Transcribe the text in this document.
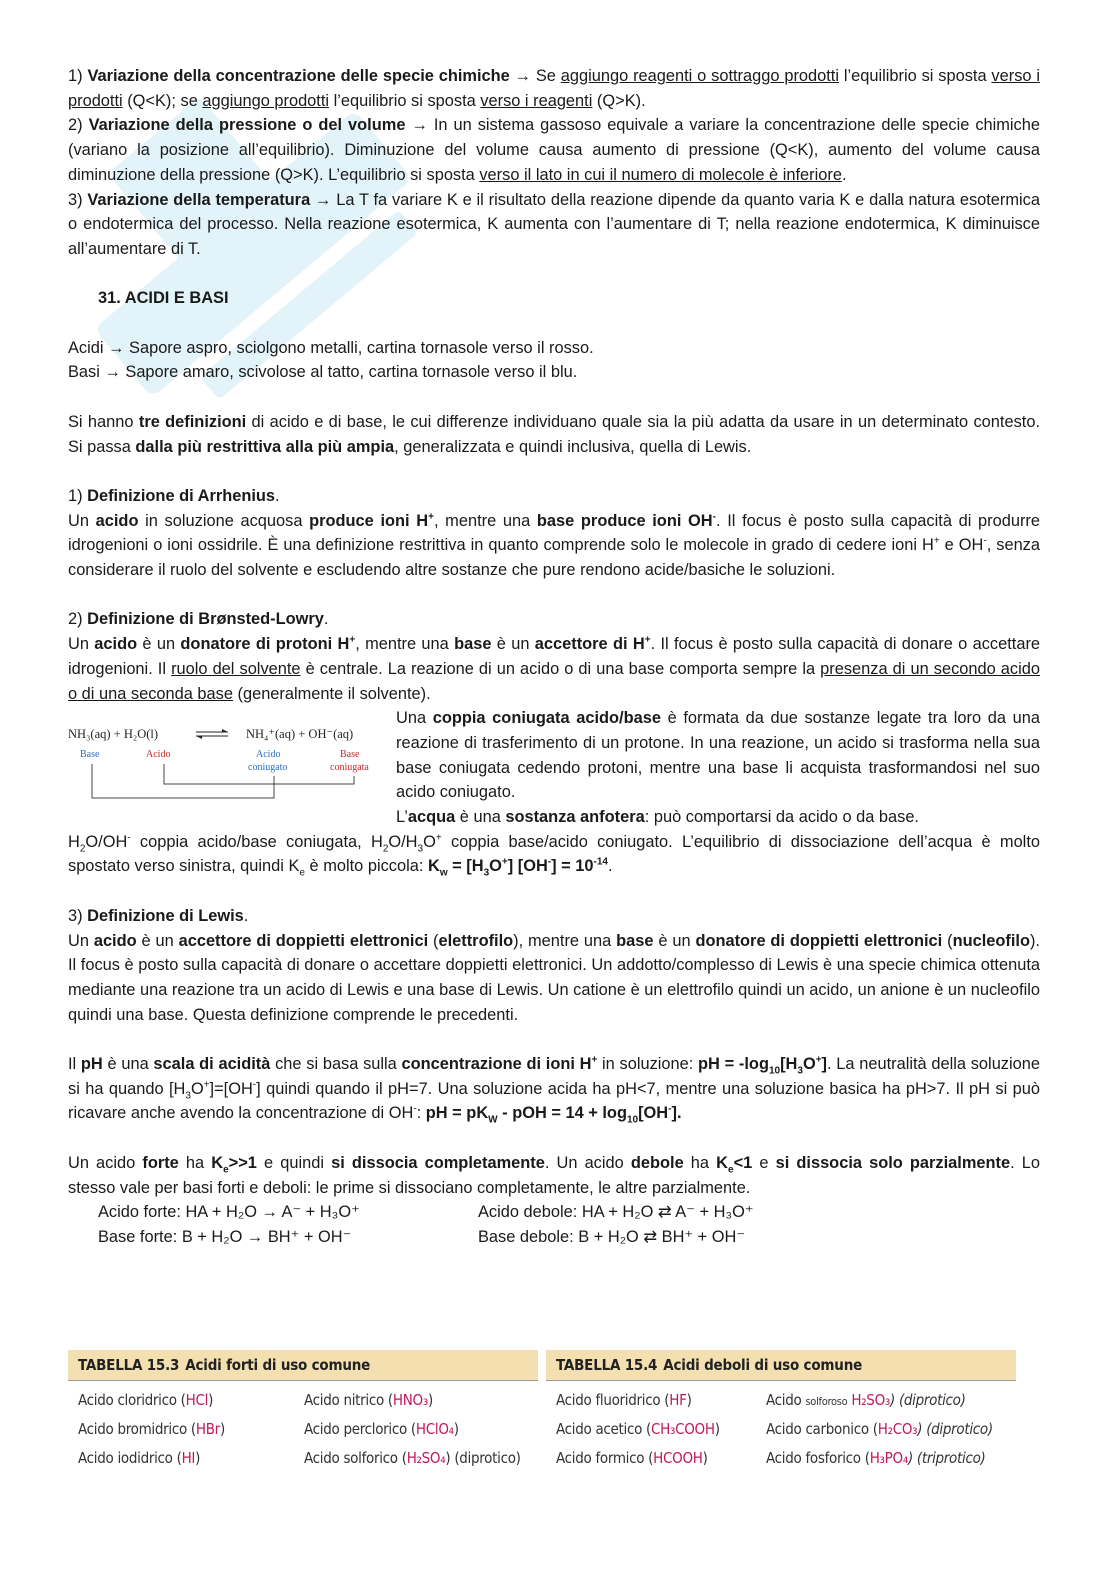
1) Variazione della concentrazione delle specie chimiche → Se aggiungo reagenti o sottraggo prodotti l’equilibrio si sposta verso i prodotti (Q<K); se aggiungo prodotti l’equilibrio si sposta verso i reagenti (Q>K).

2) Variazione della pressione o del volume → In un sistema gassoso equivale a variare la concentrazione delle specie chimiche (variano la posizione all’equilibrio). Diminuzione del volume causa aumento di pressione (Q<K), aumento del volume causa diminuzione della pressione (Q>K). L’equilibrio si sposta verso il lato in cui il numero di molecole è inferiore.

3) Variazione della temperatura → La T fa variare K e il risultato della reazione dipende da quanto varia K e dalla natura esotermica o endotermica del processo. Nella reazione esotermica, K aumenta con l’aumentare di T; nella reazione endotermica, K diminuisce all’aumentare di T.

31. ACIDI E BASI

Acidi → Sapore aspro, sciolgono metalli, cartina tornasole verso il rosso.

Basi → Sapore amaro, scivolose al tatto, cartina tornasole verso il blu.

Si hanno tre definizioni di acido e di base, le cui differenze individuano quale sia la più adatta da usare in un determinato contesto. Si passa dalla più restrittiva alla più ampia, generalizzata e quindi inclusiva, quella di Lewis.

1) Definizione di Arrhenius.

Un acido in soluzione acquosa produce ioni H+, mentre una base produce ioni OH-. Il focus è posto sulla capacità di produrre idrogenioni o ioni ossidrile. È una definizione restrittiva in quanto comprende solo le molecole in grado di cedere ioni H+ e OH-, senza considerare il ruolo del solvente e escludendo altre sostanze che pure rendono acide/basiche le soluzioni.

2) Definizione di Brønsted-Lowry.

Un acido è un donatore di protoni H+, mentre una base è un accettore di H+. Il focus è posto sulla capacità di donare o accettare idrogenioni. Il ruolo del solvente è centrale. La reazione di un acido o di una base comporta sempre la presenza di un secondo acido o di una seconda base (generalmente il solvente).

NH₃(aq) + H₂O(l)	NH₄⁺(aq) + OH⁻(aq)
Base	Acido	Acido
coniugato
Base
coniugata

Una coppia coniugata acido/base è formata da due sostanze legate tra loro da una reazione di trasferimento di un protone. In una reazione, un acido si trasforma nella sua base coniugata cedendo protoni, mentre una base li acquista trasformandosi nel suo acido coniugato.

L’acqua è una sostanza anfotera: può comportarsi da acido o da base.

$H_2O/OH^-$ coppia acido/base coniugata, $H_2O/H_3O^+$ coppia base/acido coniugato. L’equilibrio di dissociazione dell’acqua è molto spostato verso sinistra, quindi $K_e$ è molto piccola: $K_w = [H_3O^+] [OH^-] = 10^{-14}$.

3) Definizione di Lewis.

Un acido è un accettore di doppietti elettronici (elettrofilo), mentre una base è un donatore di doppietti elettronici (nucleofilo). Il focus è posto sulla capacità di donare o accettare doppietti elettronici. Un addotto/complesso di Lewis è una specie chimica ottenuta mediante una reazione tra un acido di Lewis e una base di Lewis. Un catione è un elettrofilo quindi un acido, un anione è un nucleofilo quindi una base. Questa definizione comprende le precedenti.

Il pH è una scala di acidità che si basa sulla concentrazione di ioni H+ in soluzione: pH = $-\log_{10}[H_3O^+]$. La neutralità della soluzione si ha quando $[H_3O^+]=[OH^-]$ quindi quando il pH=7. Una soluzione acida ha pH<7, mentre una soluzione basica ha pH>7. Il pH si può ricavare anche avendo la concentrazione di OH-: pH = $pK_W$ - pOH = $14 + \log_{10}[OH^-]$.

Un acido forte ha $K_e>>1$ e quindi si dissocia completamente. Un acido debole ha $K_e<1$ e si dissocia solo parzialmente. Lo stesso vale per basi forti e deboli: le prime si dissociano completamente, le altre parzialmente.

Acido forte: HA + H₂O → A⁻ + H₃O⁺	Acido debole: HA + H₂O ⇄ A⁻ + H₃O⁺
Base forte: B + H₂O → BH⁺ + OH⁻	Base debole: B + H₂O ⇄ BH⁺ + OH⁻
TABELLA 15.3 Acidi forti di uso comune
Acido cloridrico (HCl)	Acido nitrico (HNO₃)
Acido bromidrico (HBr)	Acido perclorico (HClO₄)
Acido iodidrico (HI)	Acido solforico (H₂SO₄) (diprotico)
TABELLA 15.4 Acidi deboli di uso comune
Acido fluoridrico (HF)	Acido solforoso H₂SO₃) (diprotico)
Acido acetico (CH₃COOH)	Acido carbonico (H₂CO₃) (diprotico)
Acido formico (HCOOH)	Acido fosforico (H₃PO₄) (triprotico)
